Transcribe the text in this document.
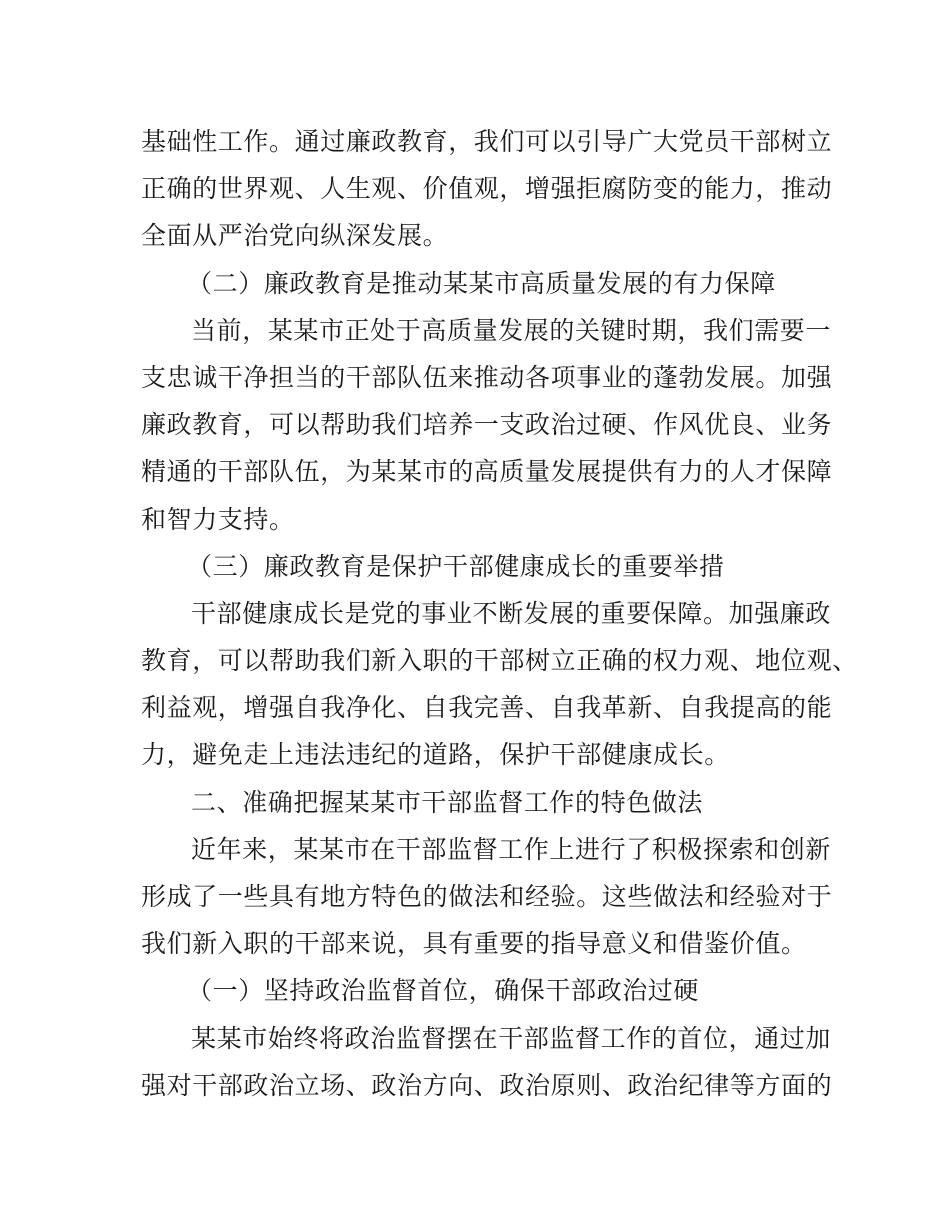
基础性工作。通过廉政教育，我们可以引导广大党员干部树立
正确的世界观、人生观、价值观，增强拒腐防变的能力，推动
全面从严治党向纵深发展。
（二）廉政教育是推动某某市高质量发展的有力保障
当前，某某市正处于高质量发展的关键时期，我们需要一
支忠诚干净担当的干部队伍来推动各项事业的蓬勃发展。加强
廉政教育，可以帮助我们培养一支政治过硬、作风优良、业务
精通的干部队伍，为某某市的高质量发展提供有力的人才保障
和智力支持。
（三）廉政教育是保护干部健康成长的重要举措
干部健康成长是党的事业不断发展的重要保障。加强廉政
教育，可以帮助我们新入职的干部树立正确的权力观、地位观、
利益观，增强自我净化、自我完善、自我革新、自我提高的能
力，避免走上违法违纪的道路，保护干部健康成长。
二、准确把握某某市干部监督工作的特色做法
近年来，某某市在干部监督工作上进行了积极探索和创新
形成了一些具有地方特色的做法和经验。这些做法和经验对于
我们新入职的干部来说，具有重要的指导意义和借鉴价值。
（一）坚持政治监督首位，确保干部政治过硬
某某市始终将政治监督摆在干部监督工作的首位，通过加
强对干部政治立场、政治方向、政治原则、政治纪律等方面的
